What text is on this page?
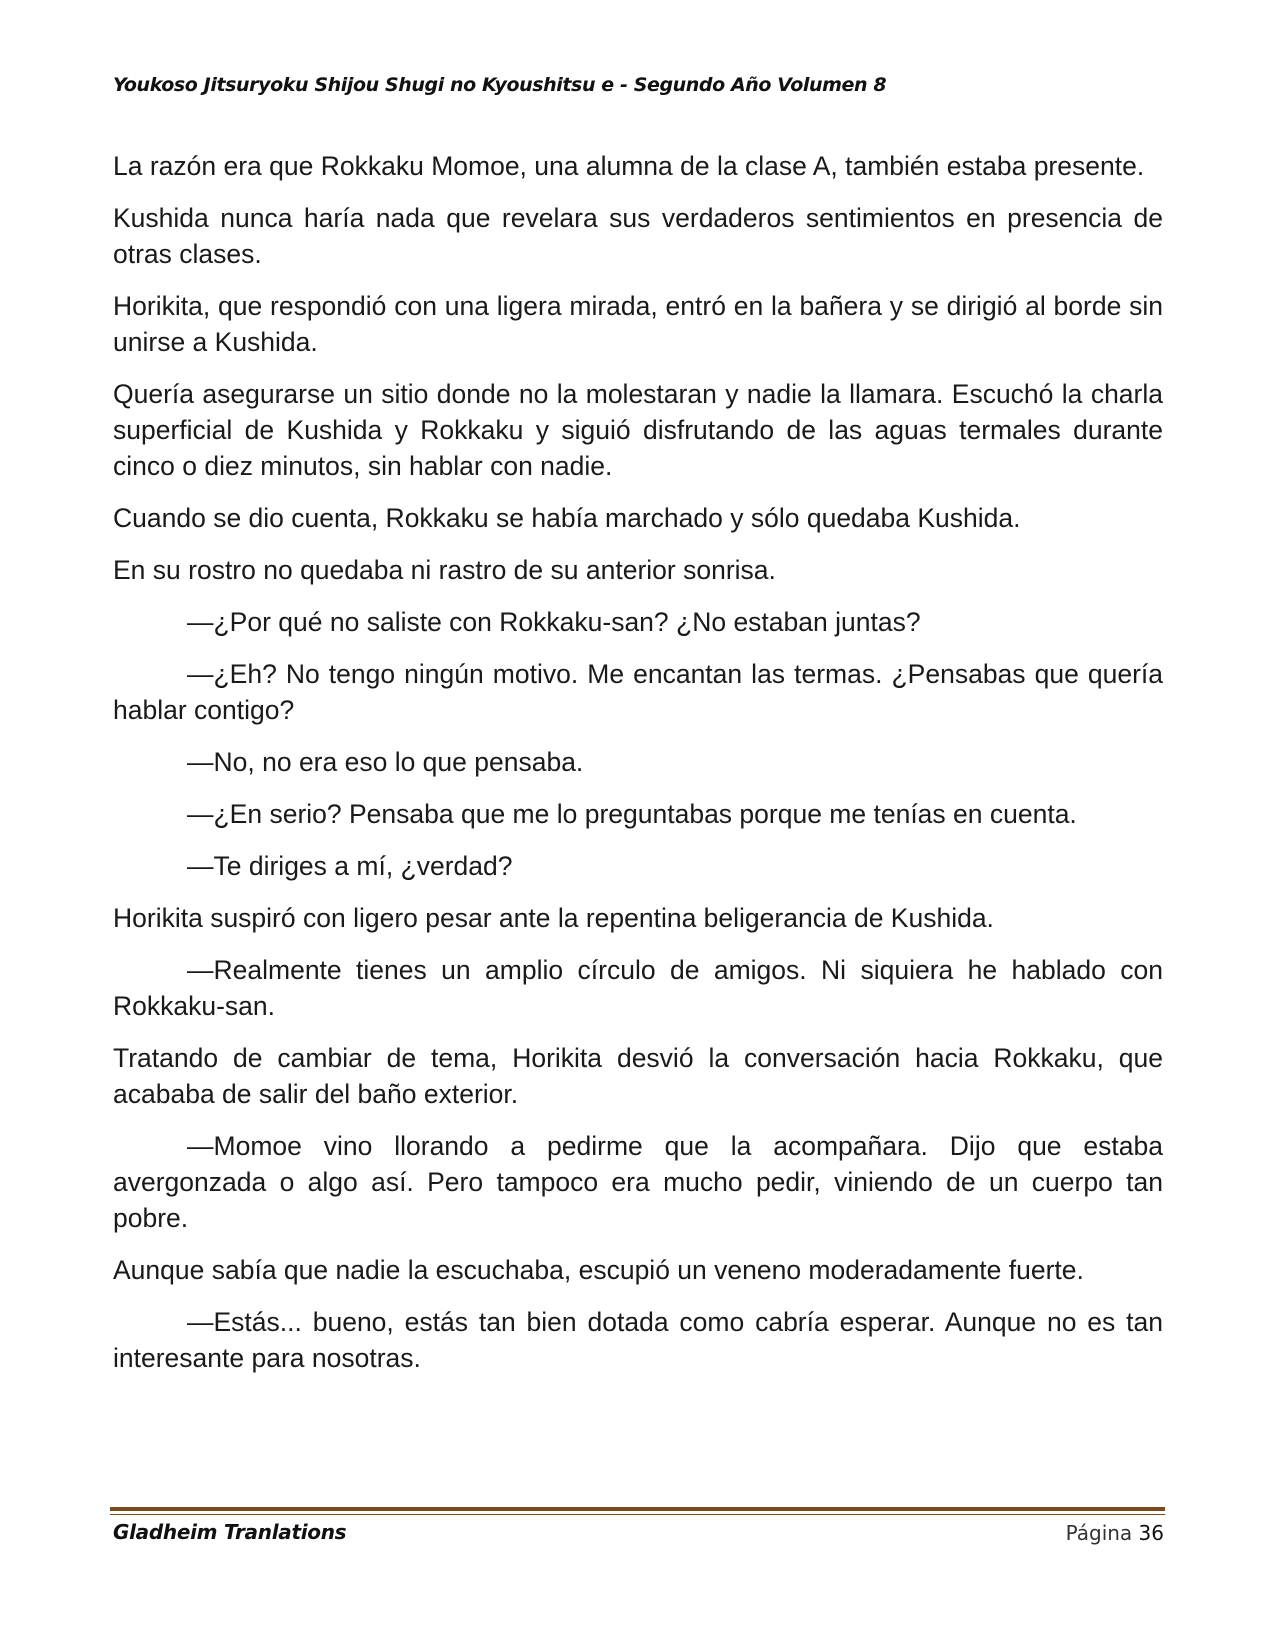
Youkoso Jitsuryoku Shijou Shugi no Kyoushitsu e - Segundo Año Volumen 8

La razón era que Rokkaku Momoe, una alumna de la clase A, también estaba presente.

Kushida nunca haría nada que revelara sus verdaderos sentimientos en presencia de otras clases.

Horikita, que respondió con una ligera mirada, entró en la bañera y se dirigió al borde sin unirse a Kushida.

Quería asegurarse un sitio donde no la molestaran y nadie la llamara. Escuchó la charla superficial de Kushida y Rokkaku y siguió disfrutando de las aguas termales durante cinco o diez minutos, sin hablar con nadie.

Cuando se dio cuenta, Rokkaku se había marchado y sólo quedaba Kushida.

En su rostro no quedaba ni rastro de su anterior sonrisa.

—¿Por qué no saliste con Rokkaku-san? ¿No estaban juntas?

—¿Eh? No tengo ningún motivo. Me encantan las termas. ¿Pensabas que quería hablar contigo?

—No, no era eso lo que pensaba.

—¿En serio? Pensaba que me lo preguntabas porque me tenías en cuenta.

—Te diriges a mí, ¿verdad?

Horikita suspiró con ligero pesar ante la repentina beligerancia de Kushida.

—Realmente tienes un amplio círculo de amigos. Ni siquiera he hablado con Rokkaku-san.

Tratando de cambiar de tema, Horikita desvió la conversación hacia Rokkaku, que acababa de salir del baño exterior.

—Momoe vino llorando a pedirme que la acompañara. Dijo que estaba avergonzada o algo así. Pero tampoco era mucho pedir, viniendo de un cuerpo tan pobre.

Aunque sabía que nadie la escuchaba, escupió un veneno moderadamente fuerte.

—Estás... bueno, estás tan bien dotada como cabría esperar. Aunque no es tan interesante para nosotras.

Gladheim Tranlations	Página 36
